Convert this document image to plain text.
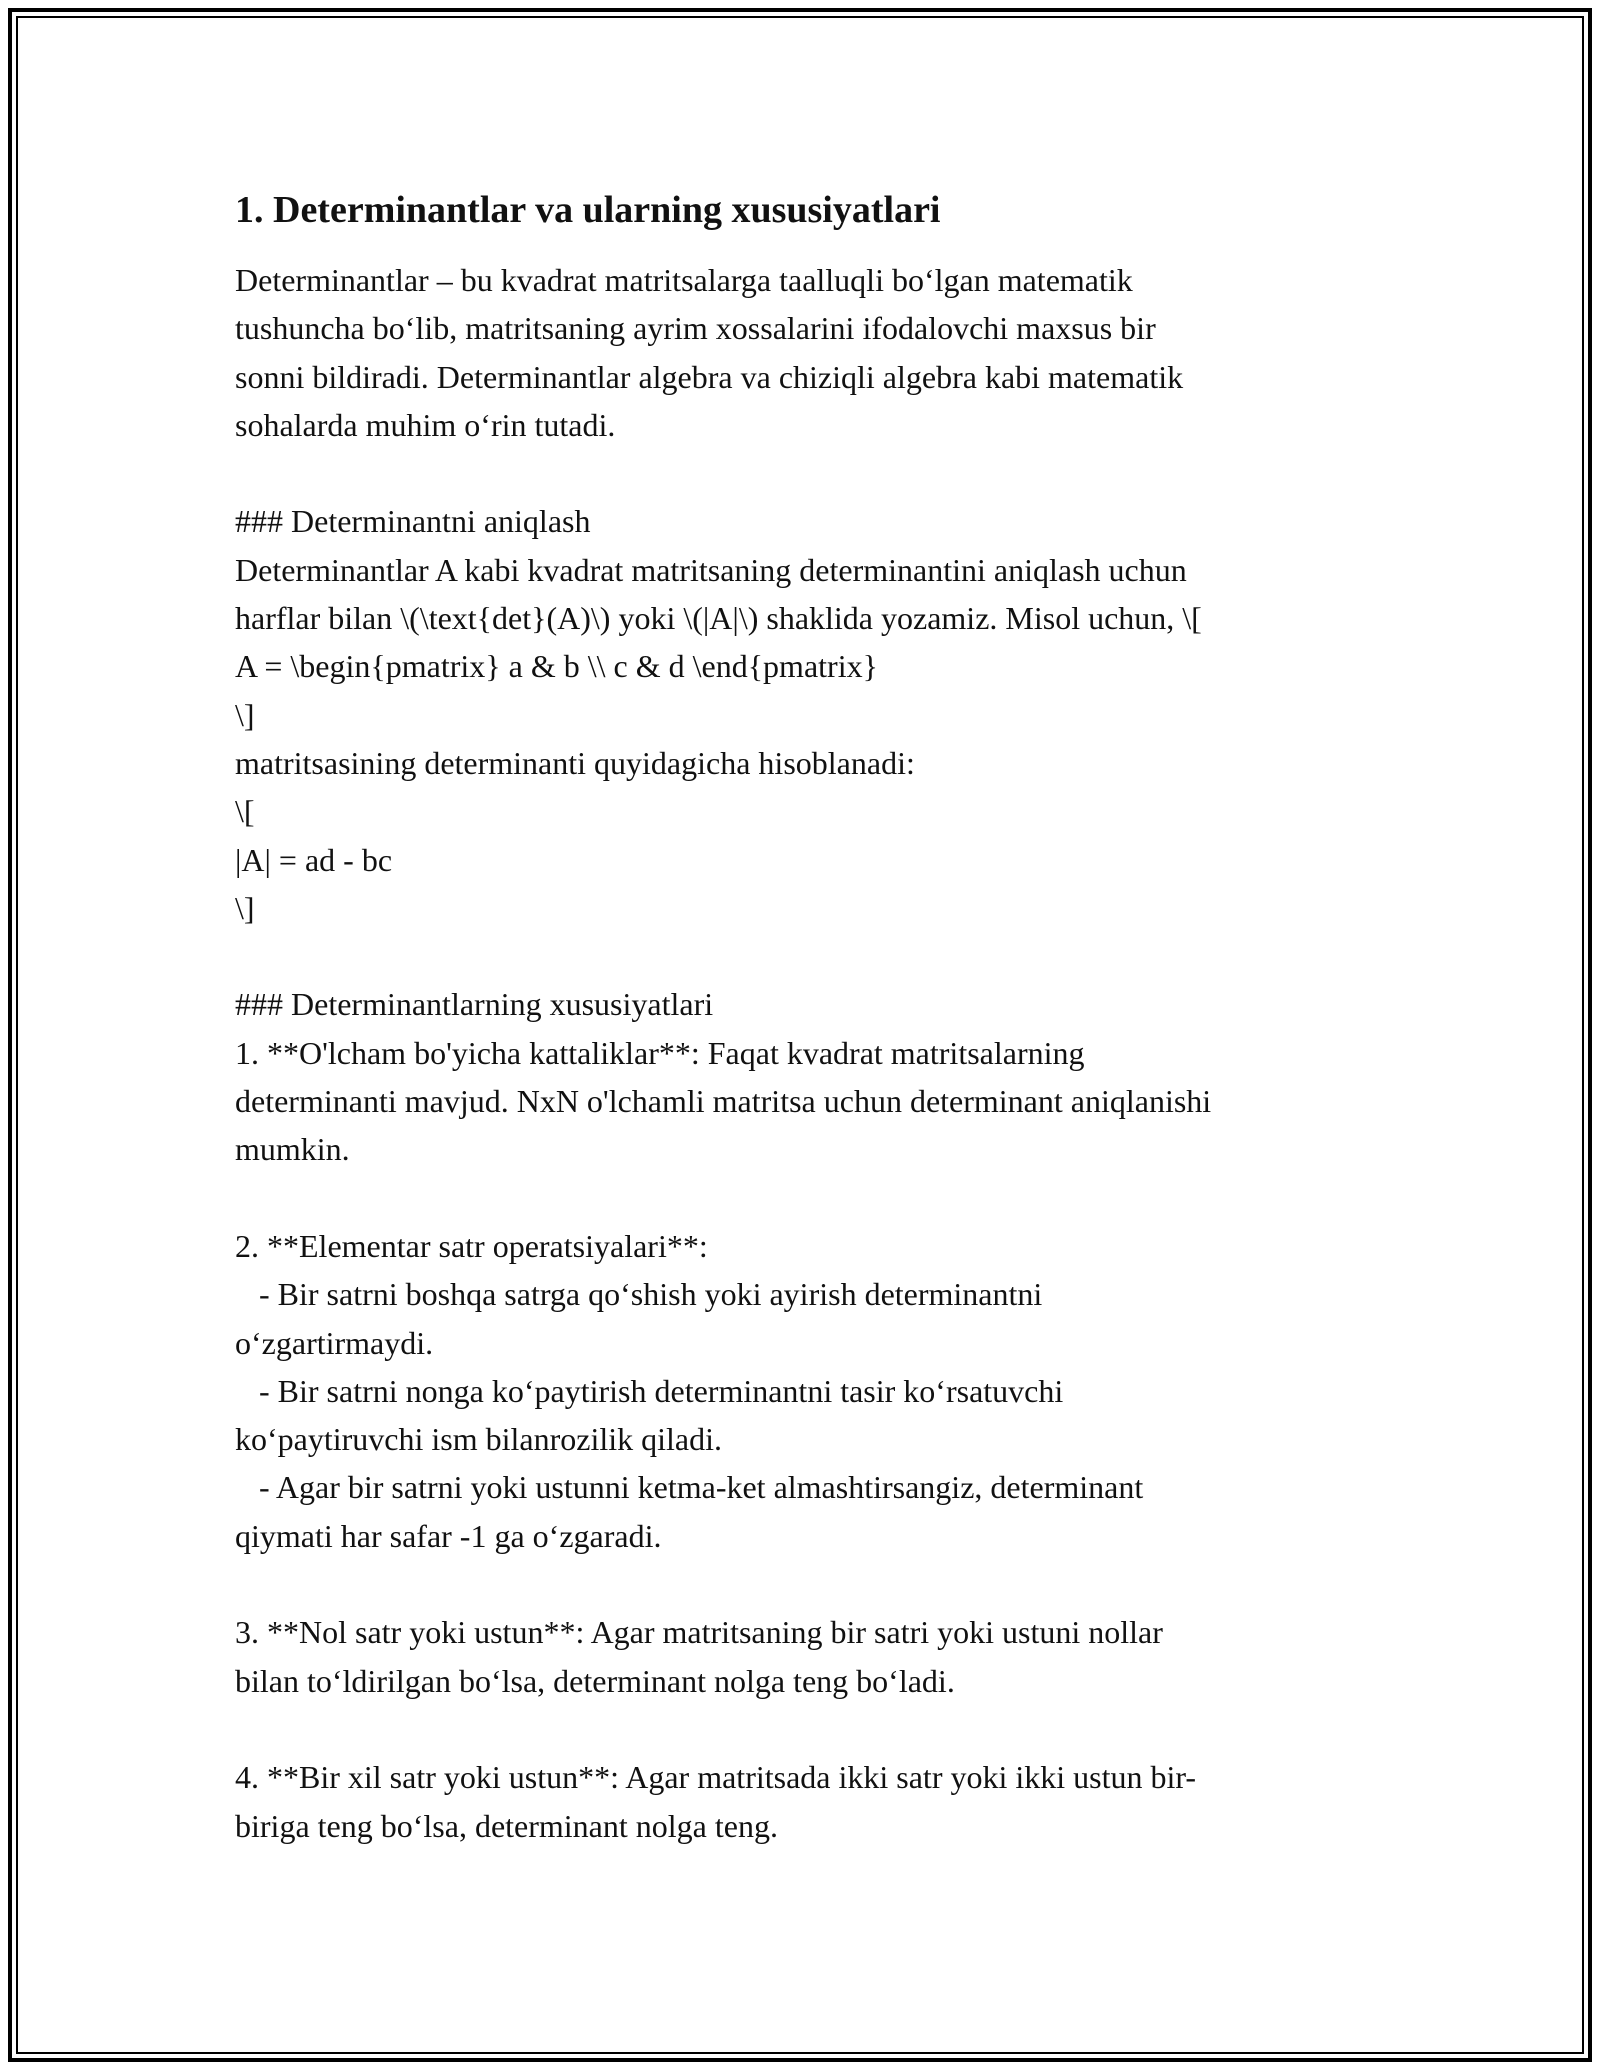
1. Determinantlar va ularning xususiyatlari

Determinantlar – bu kvadrat matritsalarga taalluqli bo‘lgan matematik

tushuncha bo‘lib, matritsaning ayrim xossalarini ifodalovchi maxsus bir

sonni bildiradi. Determinantlar algebra va chiziqli algebra kabi matematik

sohalarda muhim o‘rin tutadi.

### Determinantni aniqlash

Determinantlar A kabi kvadrat matritsaning determinantini aniqlash uchun

harflar bilan \(\text{det}(A)\) yoki \(|A|\) shaklida yozamiz. Misol uchun, \[

A = \begin{pmatrix} a & b \\ c & d \end{pmatrix}

\]

matritsasining determinanti quyidagicha hisoblanadi:

\[

|A| = ad - bc

\]

### Determinantlarning xususiyatlari

1. **O'lcham bo'yicha kattaliklar**: Faqat kvadrat matritsalarning

determinanti mavjud. NxN o'lchamli matritsa uchun determinant aniqlanishi

mumkin.

2. **Elementar satr operatsiyalari**:

- Bir satrni boshqa satrga qo‘shish yoki ayirish determinantni

o‘zgartirmaydi.

- Bir satrni nonga ko‘paytirish determinantni tasir ko‘rsatuvchi

ko‘paytiruvchi ism bilanrozilik qiladi.

- Agar bir satrni yoki ustunni ketma-ket almashtirsangiz, determinant

qiymati har safar -1 ga o‘zgaradi.

3. **Nol satr yoki ustun**: Agar matritsaning bir satri yoki ustuni nollar

bilan to‘ldirilgan bo‘lsa, determinant nolga teng bo‘ladi.

4. **Bir xil satr yoki ustun**: Agar matritsada ikki satr yoki ikki ustun bir-

biriga teng bo‘lsa, determinant nolga teng.
